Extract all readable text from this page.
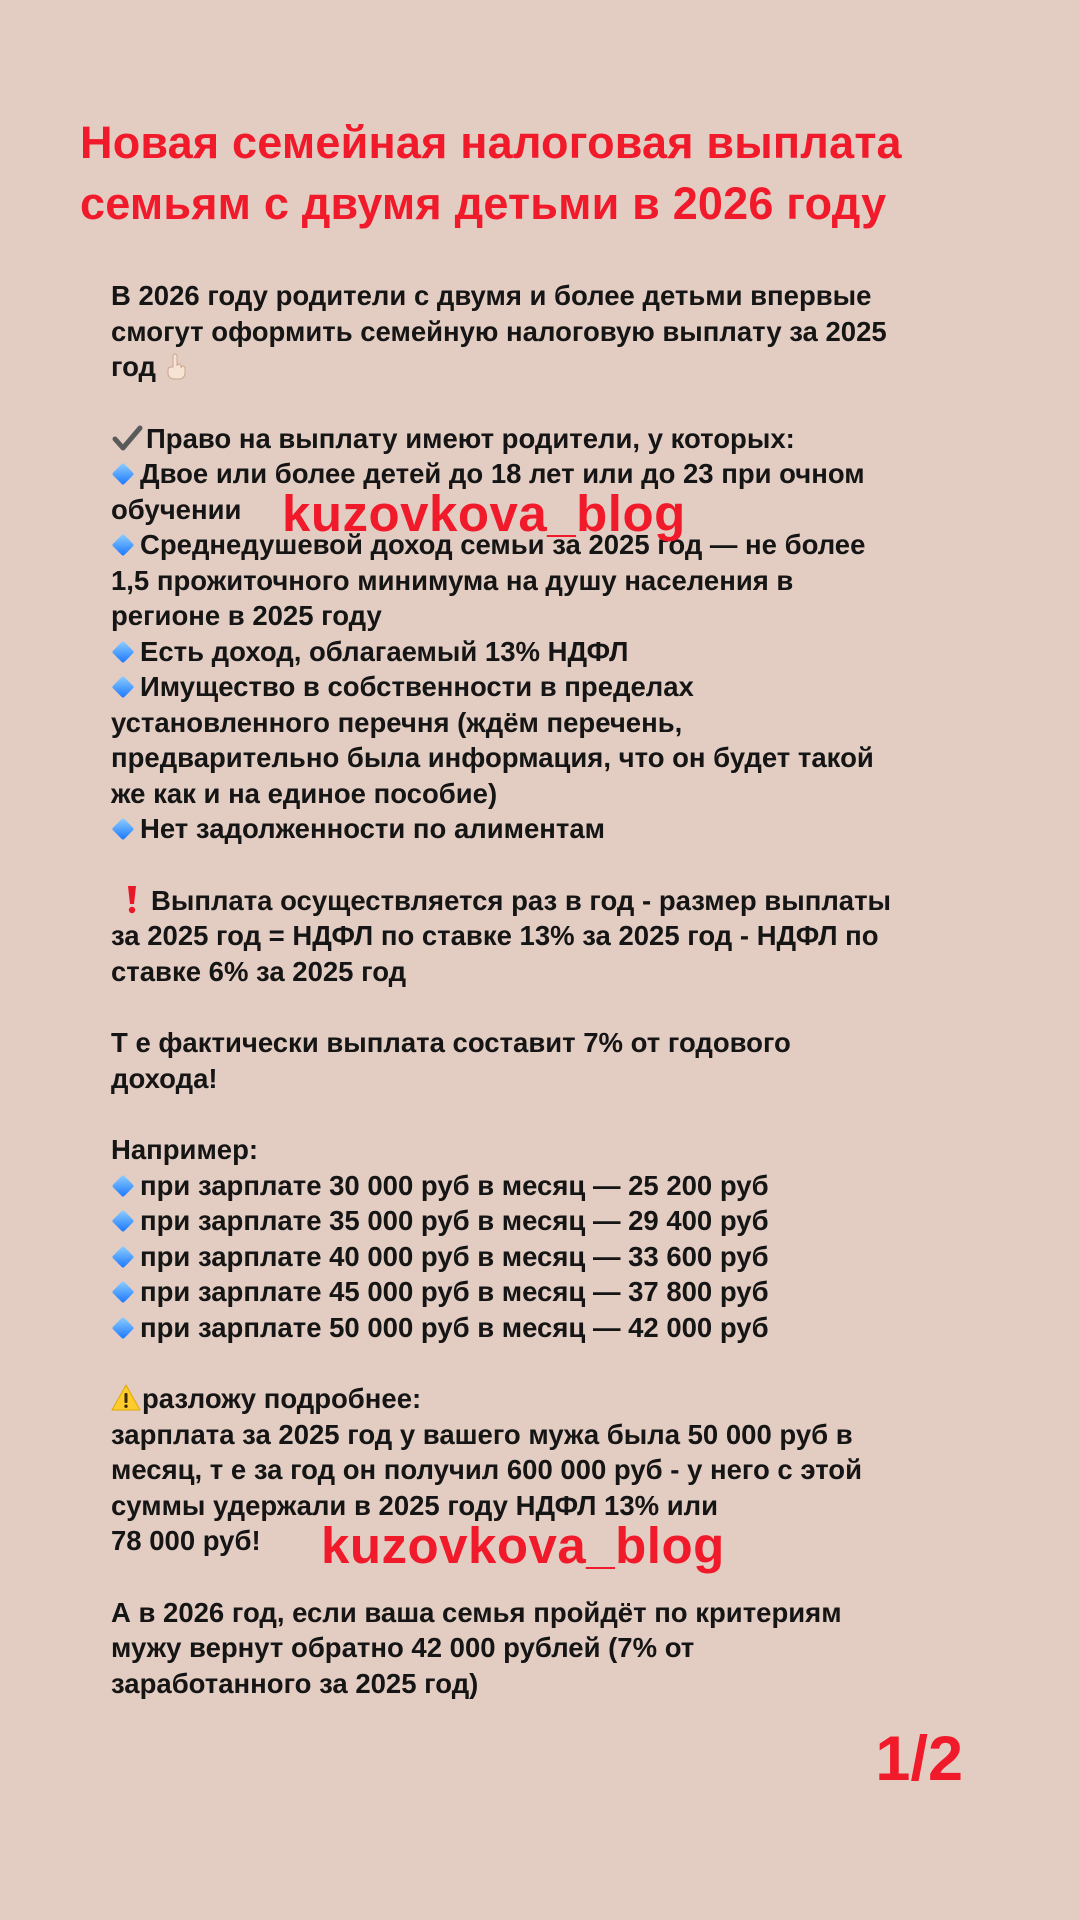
Новая семейная налоговая выплата
семьям с двумя детьми в 2026 году
В 2026 году родители с двумя и более детьми впервые
смогут оформить семейную налоговую выплату за 2025
год
Право на выплату имеют родители, у которых:
Двое или более детей до 18 лет или до 23 при очном
обучении
Среднедушевой доход семьи за 2025 год — не более
1,5 прожиточного минимума на душу населения в
регионе в 2025 году
Есть доход, облагаемый 13% НДФЛ
Имущество в собственности в пределах
установленного перечня (ждём перечень,
предварительно была информация, что он будет такой
же как и на единое пособие)
Нет задолженности по алиментам
Выплата осуществляется раз в год - размер выплаты
за 2025 год = НДФЛ по ставке 13% за 2025 год - НДФЛ по
ставке 6% за 2025 год
Т е фактически выплата составит 7% от годового
дохода!
Например:
при зарплате 30 000 руб в месяц — 25 200 руб
при зарплате 35 000 руб в месяц — 29 400 руб
при зарплате 40 000 руб в месяц — 33 600 руб
при зарплате 45 000 руб в месяц — 37 800 руб
при зарплате 50 000 руб в месяц — 42 000 руб
разложу подробнее:
зарплата за 2025 год у вашего мужа была 50 000 руб в
месяц, т е за год он получил 600 000 руб - у него с этой
суммы удержали в 2025 году НДФЛ 13% или
78 000 руб!
А в 2026 год, если ваша семья пройдёт по критериям
мужу вернут обратно 42 000 рублей (7% от
заработанного за 2025 год)
kuzovkova_blog
kuzovkova_blog
1/2
